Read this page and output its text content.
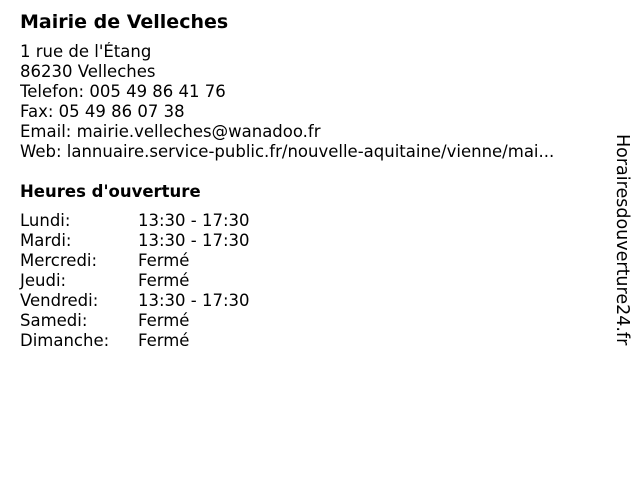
Mairie de Velleches
1 rue de l'Étang
86230 Velleches
Telefon: 005 49 86 41 76
Fax: 05 49 86 07 38
Email: mairie.velleches@wanadoo.fr
Web: lannuaire.service-public.fr/nouvelle-aquitaine/vienne/mai...
Heures d'ouverture
Lundi:	13:30 - 17:30
Mardi:	13:30 - 17:30
Mercredi:	Fermé
Jeudi:	Fermé
Vendredi:	13:30 - 17:30
Samedi:	Fermé
Dimanche:	Fermé	Horairesdouverture24.fr
